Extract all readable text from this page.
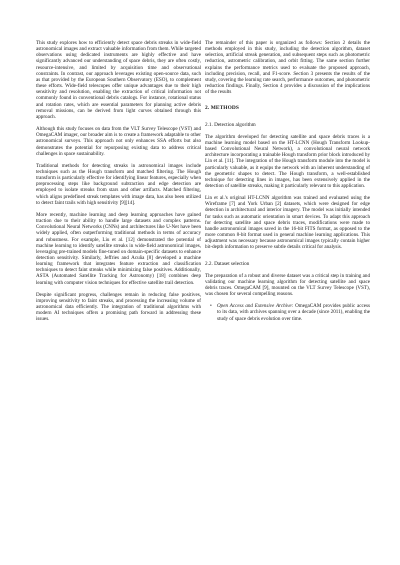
This study explores how to efficiently detect space debris streaks in wide-field astronomical images and extract valuable information from them. While targeted observations using dedicated instruments are highly effective and have significantly advanced our understanding of space debris, they are often costly, resource-intensive, and limited by acquisition time and observational constraints. In contrast, our approach leverages existing open-source data, such as that provided by the European Southern Observatory (ESO), to complement these efforts. Wide-field telescopes offer unique advantages due to their high sensitivity and resolution, enabling the extraction of critical information not commonly found in conventional debris catalogs. For instance, rotational status and rotation rates, which are essential parameters for planning active debris removal missions, can be derived from light curves obtained through this approach.

Although this study focuses on data from the VLT Survey Telescope (VST) and OmegaCAM imager, our broader aim is to create a framework adaptable to other astronomical surveys. This approach not only enhances SSA efforts but also demonstrates the potential for repurposing existing data to address critical challenges in space sustainability.

Traditional methods for detecting streaks in astronomical images include techniques such as the Hough transform and matched filtering. The Hough transform is particularly effective for identifying linear features, especially when preprocessing steps like background subtraction and edge detection are employed to isolate streaks from stars and other artifacts. Matched filtering, which aligns predefined streak templates with image data, has also been utilized to detect faint trails with high sensitivity [9][14].

More recently, machine learning and deep learning approaches have gained traction due to their ability to handle large datasets and complex patterns. Convolutional Neural Networks (CNNs) and architectures like U-Net have been widely applied, often outperforming traditional methods in terms of accuracy and robustness. For example, Liu et al. [12] demonstrated the potential of machine learning to identify satellite streaks in wide-field astronomical images, leveraging pre-trained models fine-tuned on domain-specific datasets to enhance detection sensitivity. Similarly, Jeffries and Acuña [8] developed a machine learning framework that integrates feature extraction and classification techniques to detect faint streaks while minimizing false positives. Additionally, ASTA (Automated Satellite Tracking for Astronomy) [18] combines deep learning with computer vision techniques for effective satellite trail detection.

Despite significant progress, challenges remain in reducing false positives, improving sensitivity to faint streaks, and processing the increasing volume of astronomical data efficiently. The integration of traditional algorithms with modern AI techniques offers a promising path forward in addressing these issues.

The remainder of this paper is organized as follows: Section 2 details the methods employed in this study, including the detection algorithm, dataset selection, artificial streak generation, and subsequent steps such as photometric reduction, astrometric calibration, and orbit fitting. The same section further explains the performance metrics used to evaluate the proposed approach, including precision, recall, and F1-score. Section 3 presents the results of the study, covering the learning rate search, performance outcomes, and photometric reduction findings. Finally, Section 4 provides a discussion of the implications of the results

2. METHODS
2.1. Detection algorithm

The algorithm developed for detecting satellite and space debris traces is a machine learning model based on the HT-LCNN (Hough Transform Lookup-based Convolutional Neural Network), a convolutional neural network architecture incorporating a trainable Hough transform prior block introduced by Lin et al. [11]. The integration of the Hough transform module into the model is particularly valuable, as it equips the network with an inherent understanding of the geometric shapes to detect. The Hough transform, a well-established technique for detecting lines in images, has been extensively applied in the detection of satellite streaks, making it particularly relevant to this application.

Lin et al.'s original HT-LCNN algorithm was trained and evaluated using the Wireframe [7] and York Urban [2] datasets, which were designed for edge detection in architectural and interior imagery. The model was initially intended for tasks such as automatic orientation in smart devices. To adapt this approach for detecting satellite and space debris traces, modifications were made to handle astronomical images saved in the 16-bit FITS format, as opposed to the more common 8-bit format used in general machine learning applications. This adjustment was necessary because astronomical images typically contain higher bit-depth information to preserve subtle details critical for analysis.

2.2. Dataset selection

The preparation of a robust and diverse dataset was a critical step in training and validating our machine learning algorithm for detecting satellite and space debris traces. OmegaCAM [9], mounted on the VLT Survey Telescope (VST), was chosen for several compelling reasons.

• Open Access and Extensive Archive: OmegaCAM provides public access to its data, with archives spanning over a decade (since 2011), enabling the study of space debris evolution over time.
